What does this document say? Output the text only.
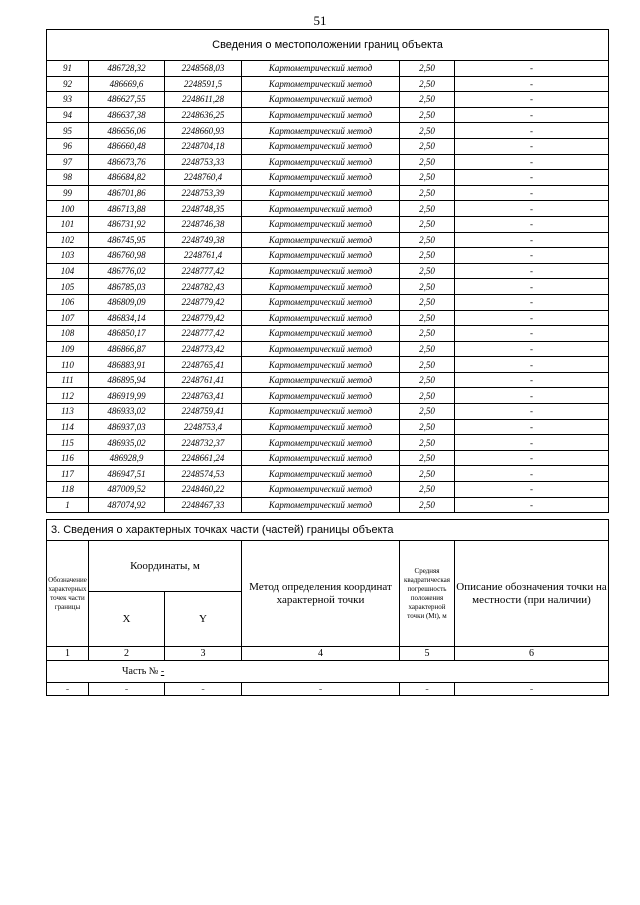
51
Сведения о местоположении границ объекта					
91	486728,32	2248568,03	Картометрический метод	2,50	-
92	486669,6	2248591,5	Картометрический метод	2,50	-
93	486627,55	2248611,28	Картометрический метод	2,50	-
94	486637,38	2248636,25	Картометрический метод	2,50	-
95	486656,06	2248660,93	Картометрический метод	2,50	-
96	486660,48	2248704,18	Картометрический метод	2,50	-
97	486673,76	2248753,33	Картометрический метод	2,50	-
98	486684,82	2248760,4	Картометрический метод	2,50	-
99	486701,86	2248753,39	Картометрический метод	2,50	-
100	486713,88	2248748,35	Картометрический метод	2,50	-
101	486731,92	2248746,38	Картометрический метод	2,50	-
102	486745,95	2248749,38	Картометрический метод	2,50	-
103	486760,98	2248761,4	Картометрический метод	2,50	-
104	486776,02	2248777,42	Картометрический метод	2,50	-
105	486785,03	2248782,43	Картометрический метод	2,50	-
106	486809,09	2248779,42	Картометрический метод	2,50	-
107	486834,14	2248779,42	Картометрический метод	2,50	-
108	486850,17	2248777,42	Картометрический метод	2,50	-
109	486866,87	2248773,42	Картометрический метод	2,50	-
110	486883,91	2248765,41	Картометрический метод	2,50	-
111	486895,94	2248761,41	Картометрический метод	2,50	-
112	486919,99	2248763,41	Картометрический метод	2,50	-
113	486933,02	2248759,41	Картометрический метод	2,50	-
114	486937,03	2248753,4	Картометрический метод	2,50	-
115	486935,02	2248732,37	Картометрический метод	2,50	-
116	486928,9	2248661,24	Картометрический метод	2,50	-
117	486947,51	2248574,53	Картометрический метод	2,50	-
118	487009,52	2248460,22	Картометрический метод	2,50	-
1	487074,92	2248467,33	Картометрический метод	2,50	-
3. Сведения о характерных точках части (частей) границы объекта					
Обозначение характерных точек части границы	Координаты, м		Метод определения координат характерной точки	Средняя квадратическая погрешность положения характерной точки (Mt), м	Описание обозначения точки на местности (при наличии)
	X	Y			
1	2	3	4	5	6
Часть № -					
-	-	-	-	-	-
